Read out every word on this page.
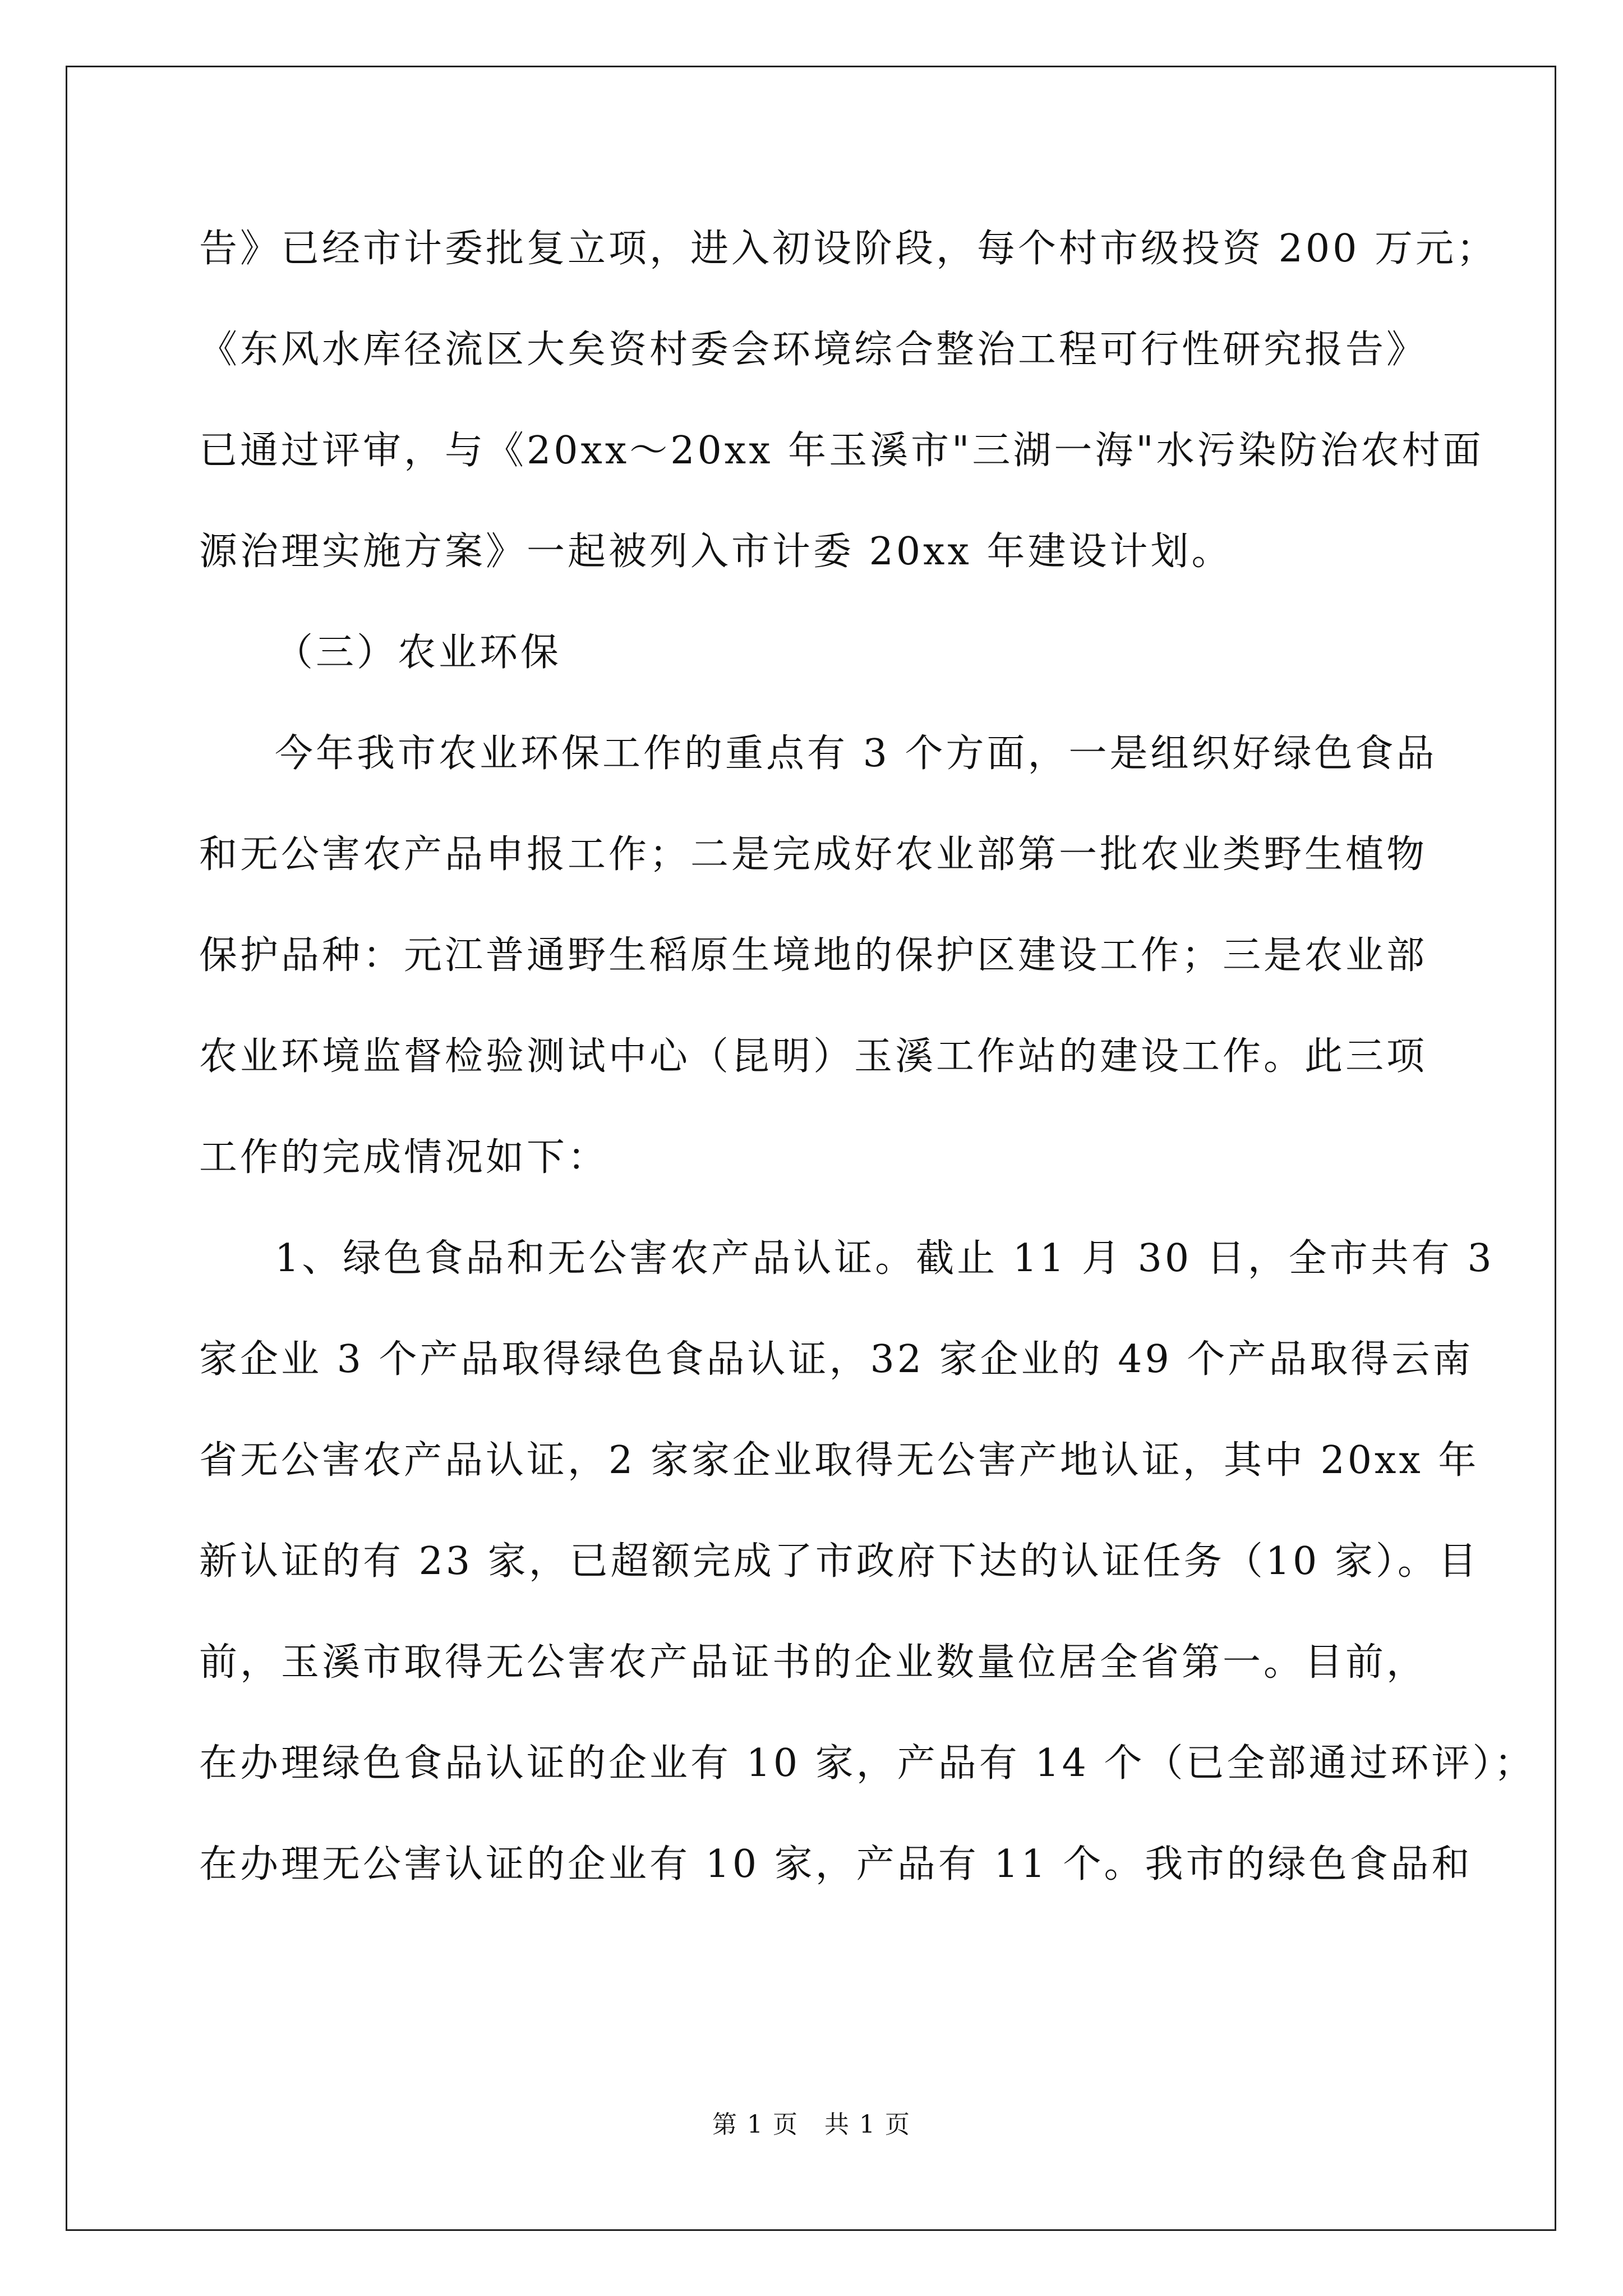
告》已经市计委批复立项，进入初设阶段，每个村市级投资 200 万元；
《东风水库径流区大矣资村委会环境综合整治工程可行性研究报告》
已通过评审，与《20xx～20xx 年玉溪市"三湖一海"水污染防治农村面
源治理实施方案》一起被列入市计委 20xx 年建设计划。
（三）农业环保
今年我市农业环保工作的重点有 3 个方面，一是组织好绿色食品
和无公害农产品申报工作；二是完成好农业部第一批农业类野生植物
保护品种：元江普通野生稻原生境地的保护区建设工作；三是农业部
农业环境监督检验测试中心（昆明）玉溪工作站的建设工作。此三项
工作的完成情况如下：
1、绿色食品和无公害农产品认证。截止 11 月 30 日，全市共有 3
家企业 3 个产品取得绿色食品认证，32 家企业的 49 个产品取得云南
省无公害农产品认证，2 家家企业取得无公害产地认证，其中 20xx 年
新认证的有 23 家，已超额完成了市政府下达的认证任务（10 家）。目
前，玉溪市取得无公害农产品证书的企业数量位居全省第一。目前，
在办理绿色食品认证的企业有 10 家，产品有 14 个（已全部通过环评）；
在办理无公害认证的企业有 10 家，产品有 11 个。我市的绿色食品和
第 1 页　共 1 页
